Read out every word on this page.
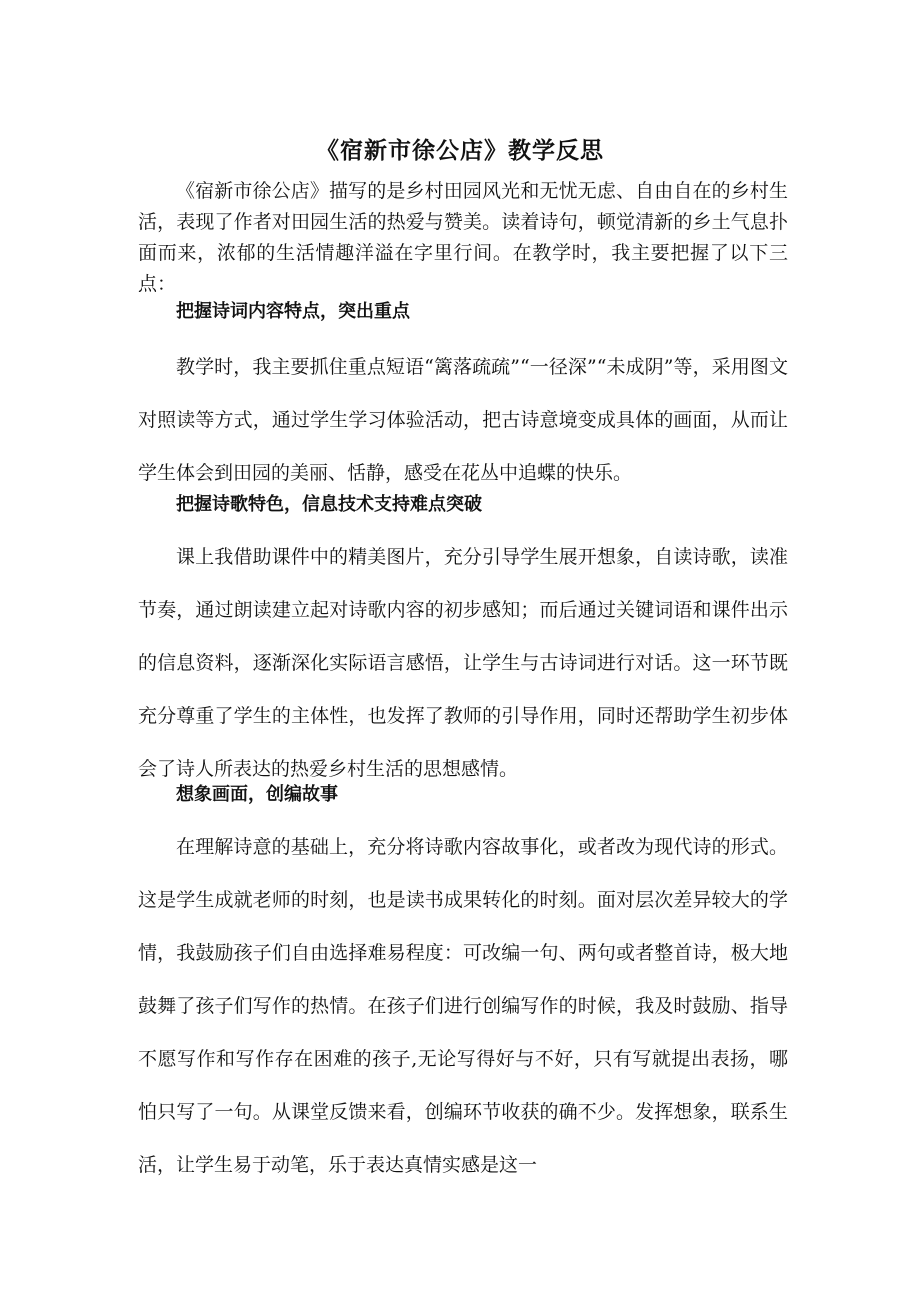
《宿新市徐公店》教学反思

《宿新市徐公店》描写的是乡村田园风光和无忧无虑、自由自在的乡村生活，表现了作者对田园生活的热爱与赞美。读着诗句，顿觉清新的乡土气息扑面而来，浓郁的生活情趣洋溢在字里行间。在教学时，我主要把握了以下三点：

把握诗词内容特点，突出重点

教学时，我主要抓住重点短语“篱落疏疏”“一径深”“未成阴”等，采用图文对照读等方式，通过学生学习体验活动，把古诗意境变成具体的画面，从而让学生体会到田园的美丽、恬静，感受在花丛中追蝶的快乐。

把握诗歌特色，信息技术支持难点突破

课上我借助课件中的精美图片，充分引导学生展开想象，自读诗歌，读准节奏，通过朗读建立起对诗歌内容的初步感知；而后通过关键词语和课件出示的信息资料，逐渐深化实际语言感悟，让学生与古诗词进行对话。这一环节既充分尊重了学生的主体性，也发挥了教师的引导作用，同时还帮助学生初步体会了诗人所表达的热爱乡村生活的思想感情。

想象画面，创编故事

在理解诗意的基础上，充分将诗歌内容故事化，或者改为现代诗的形式。这是学生成就老师的时刻，也是读书成果转化的时刻。面对层次差异较大的学情，我鼓励孩子们自由选择难易程度：可改编一句、两句或者整首诗，极大地鼓舞了孩子们写作的热情。在孩子们进行创编写作的时候，我及时鼓励、指导不愿写作和写作存在困难的孩子,无论写得好与不好，只有写就提出表扬，哪怕只写了一句。从课堂反馈来看，创编环节收获的确不少。发挥想象，联系生活，让学生易于动笔，乐于表达真情实感是这一
